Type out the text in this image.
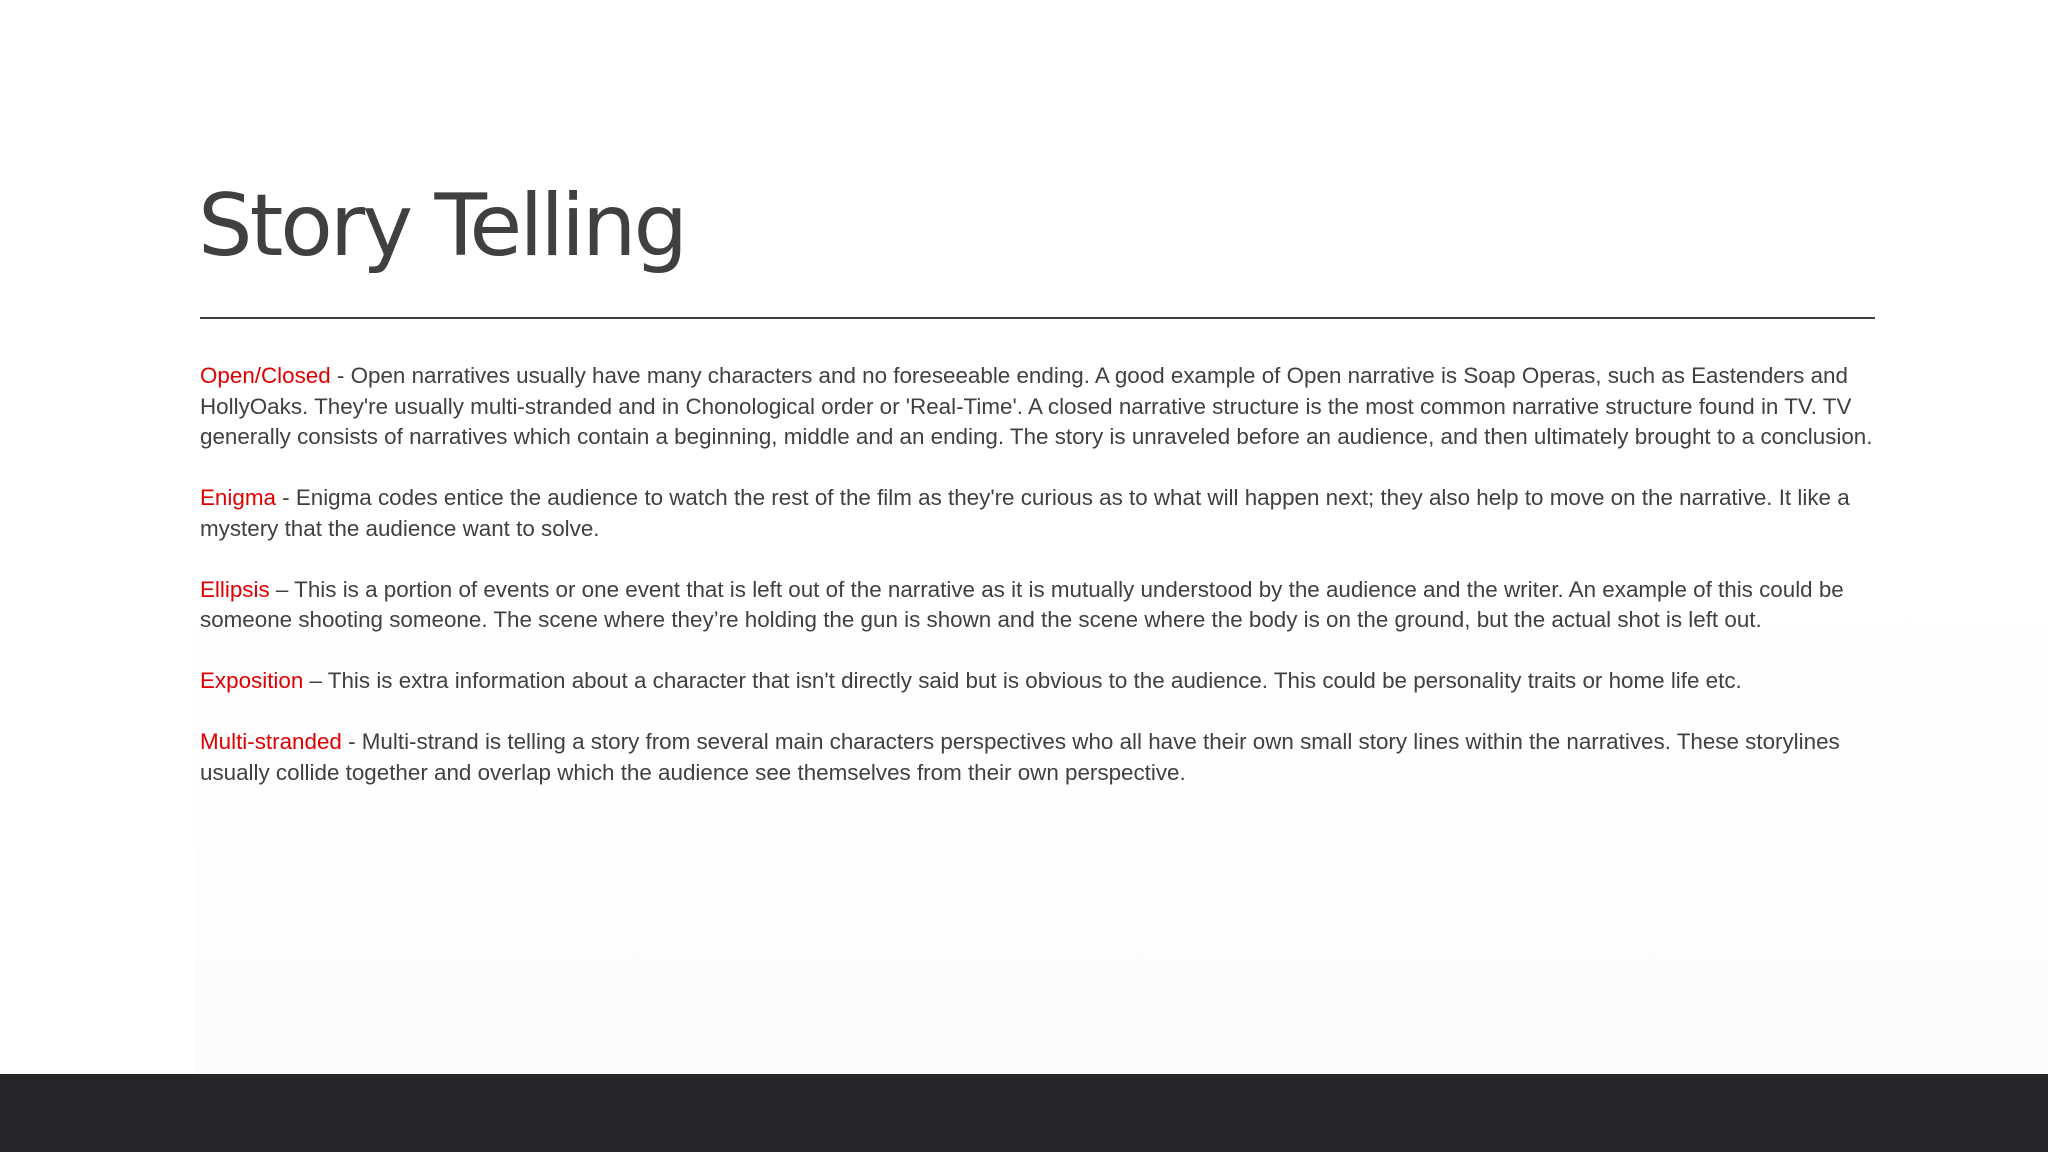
Story Telling

Open/Closed - Open narratives usually have many characters and no foreseeable ending. A good example of Open narrative is Soap Operas, such as Eastenders and HollyOaks. They're usually multi-stranded and in Chonological order or 'Real-Time'. A closed narrative structure is the most common narrative structure found in TV. TV generally consists of narratives which contain a beginning, middle and an ending. The story is unraveled before an audience, and then ultimately brought to a conclusion.

Enigma - Enigma codes entice the audience to watch the rest of the film as they're curious as to what will happen next; they also help to move on the narrative. It like a mystery that the audience want to solve.

Ellipsis – This is a portion of events or one event that is left out of the narrative as it is mutually understood by the audience and the writer. An example of this could be someone shooting someone. The scene where they’re holding the gun is shown and the scene where the body is on the ground, but the actual shot is left out.

Exposition – This is extra information about a character that isn't directly said but is obvious to the audience. This could be personality traits or home life etc.

Multi-stranded - Multi-strand is telling a story from several main characters perspectives who all have their own small story lines within the narratives. These storylines usually collide together and overlap which the audience see themselves from their own perspective.
